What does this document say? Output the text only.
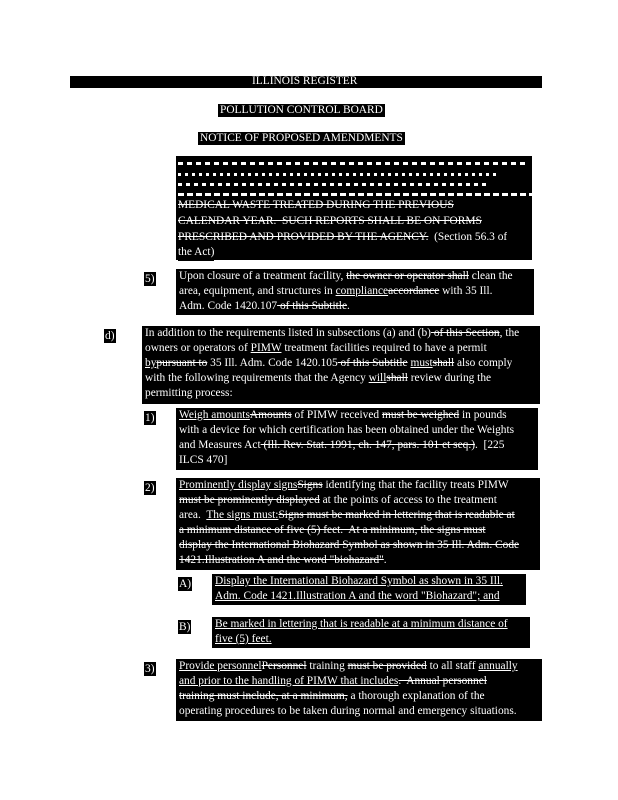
ILLINOIS REGISTER
POLLUTION CONTROL BOARD
NOTICE OF PROPOSED AMENDMENTS
MEDICAL WASTE TREATED DURING THE PREVIOUS
CALENDAR YEAR.  SUCH REPORTS SHALL BE ON FORMS
PRESCRIBED AND PROVIDED BY THE AGENCY.  (Section 56.3 of
the Act)
5) Upon closure of a treatment facility, the owner or operator shall clean the
area, equipment, and structures in complianceaccordance with 35 Ill.
Adm. Code 1420.107 of this Subtitle.
d)	In addition to the requirements listed in subsections (a) and (b) of this Section, the
owners or operators of PIMW treatment facilities required to have a permit
bypursuant to 35 Ill. Adm. Code 1420.105 of this Subtitle mustshall also comply
with the following requirements that the Agency willshall review during the
permitting process:
1) Weigh amountsAmounts of PIMW received must be weighed in pounds
with a device for which certification has been obtained under the Weights
and Measures Act (Ill. Rev. Stat. 1991, ch. 147, pars. 101 et seq.).  [225
ILCS 470]
2) Prominently display signsSigns identifying that the facility treats PIMW
must be prominently displayed at the points of access to the treatment
area.  The signs must:Signs must be marked in lettering that is readable at
a minimum distance of five (5) feet.  At a minimum, the signs must
display the International Biohazard Symbol as shown in 35 Ill. Adm. Code
1421.Illustration A and the word "biohazard".
A) Display the International Biohazard Symbol as shown in 35 Ill.
Adm. Code 1421.Illustration A and the word "Biohazard"; and
B) Be marked in lettering that is readable at a minimum distance of
five (5) feet.
3) Provide personnelPersonnel training must be provided to all staff annually
and prior to the handling of PIMW that includes.  Annual personnel
training must include, at a minimum, a thorough explanation of the
operating procedures to be taken during normal and emergency situations.
